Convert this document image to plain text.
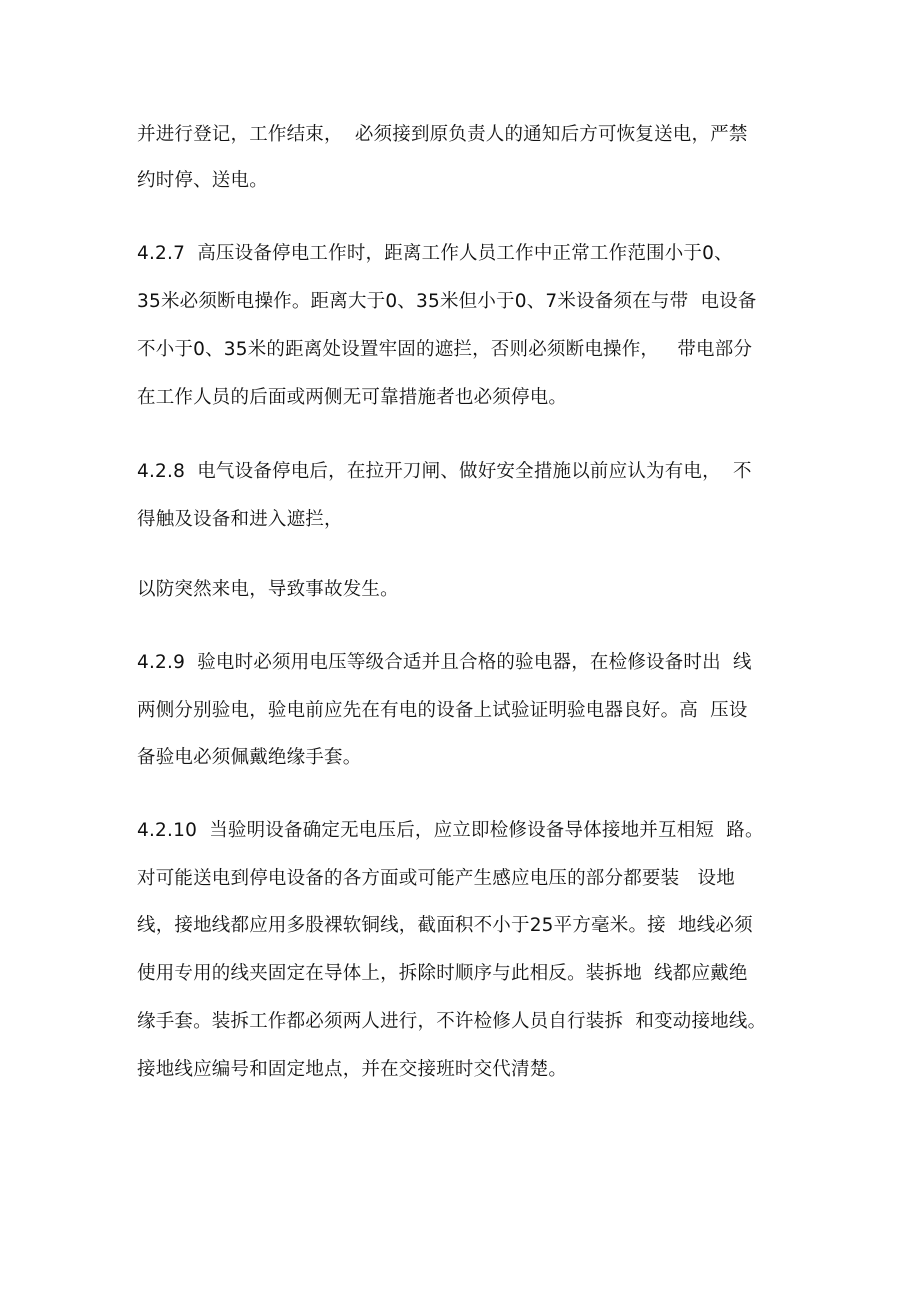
并进行登记，工作结束，  必须接到原负责人的通知后方可恢复送电，严禁
约时停、送电。
4.2.7  高压设备停电工作时，距离工作人员工作中正常工作范围小于0、
35米必须断电操作。距离大于0、35米但小于0、7米设备须在与带  电设备
不小于0、35米的距离处设置牢固的遮拦，否则必须断电操作，   带电部分
在工作人员的后面或两侧无可靠措施者也必须停电。
4.2.8  电气设备停电后，在拉开刀闸、做好安全措施以前应认为有电，  不
得触及设备和进入遮拦，
以防突然来电，导致事故发生。
4.2.9  验电时必须用电压等级合适并且合格的验电器，在检修设备时出  线
两侧分别验电，验电前应先在有电的设备上试验证明验电器良好。高  压设
备验电必须佩戴绝缘手套。
4.2.10  当验明设备确定无电压后，应立即检修设备导体接地并互相短  路。
对可能送电到停电设备的各方面或可能产生感应电压的部分都要装   设地
线，接地线都应用多股裸软铜线，截面积不小于25平方毫米。接  地线必须
使用专用的线夹固定在导体上，拆除时顺序与此相反。装拆地  线都应戴绝
缘手套。装拆工作都必须两人进行，不许检修人员自行装拆  和变动接地线。
接地线应编号和固定地点，并在交接班时交代清楚。
